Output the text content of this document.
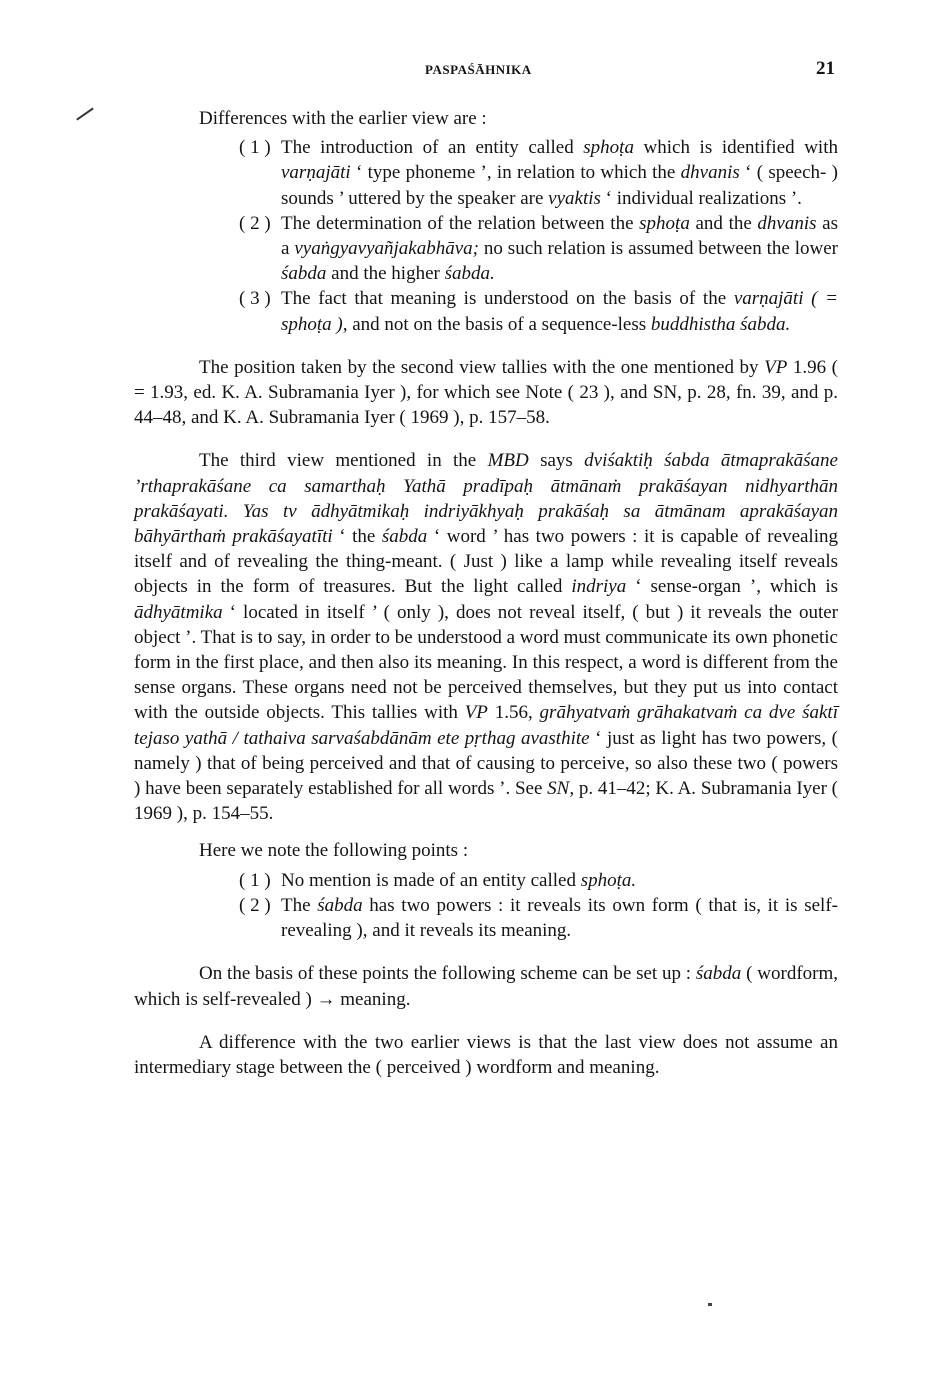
PASPAŚĀHNIKA	21

Differences with the earlier view are :

( 1 ) The introduction of an entity called sphoṭa which is identified with varṇajāti ‘ type phoneme ’, in relation to which the dhvanis ‘ ( speech- ) sounds ’ uttered by the speaker are vyaktis ‘ individual realizations ’.

( 2 ) The determination of the relation between the sphoṭa and the dhvanis as a vyaṅgyavyañjakabhāva; no such relation is assumed between the lower śabda and the higher śabda.

( 3 ) The fact that meaning is understood on the basis of the varṇajāti ( = sphoṭa ), and not on the basis of a sequence-less buddhistha śabda.

The position taken by the second view tallies with the one mentioned by VP 1.96 ( = 1.93, ed. K. A. Subramania Iyer ), for which see Note ( 23 ), and SN, p. 28, fn. 39, and p. 44–48, and K. A. Subramania Iyer ( 1969 ), p. 157–58.

The third view mentioned in the MBD says dviśaktiḥ śabda ātmaprakāśane ’rthaprakāśane ca samarthaḥ Yathā pradīpaḥ ātmānaṁ prakāśayan nidhyarthān prakāśayati. Yas tv ādhyātmikaḥ indriyākhyaḥ prakāśaḥ sa ātmānam aprakāśayan bāhyārthaṁ prakāśayatīti ‘ the śabda ‘ word ’ has two powers : it is capable of revealing itself and of revealing the thing-meant. ( Just ) like a lamp while revealing itself reveals objects in the form of treasures. But the light called indriya ‘ sense-organ ’, which is ādhyātmika ‘ located in itself ’ ( only ), does not reveal itself, ( but ) it reveals the outer object ’. That is to say, in order to be understood a word must communicate its own phonetic form in the first place, and then also its meaning. In this respect, a word is different from the sense organs. These organs need not be perceived themselves, but they put us into contact with the outside objects. This tallies with VP 1.56, grāhyatvaṁ grāhakatvaṁ ca dve śaktī tejaso yathā / tathaiva sarvaśabdānām ete pṛthag avasthite ‘ just as light has two powers, ( namely ) that of being perceived and that of causing to perceive, so also these two ( powers ) have been separately established for all words ’. See SN, p. 41–42; K. A. Subramania Iyer ( 1969 ), p. 154–55.

Here we note the following points :

( 1 ) No mention is made of an entity called sphoṭa.

( 2 ) The śabda has two powers : it reveals its own form ( that is, it is self-revealing ), and it reveals its meaning.

On the basis of these points the following scheme can be set up : śabda ( wordform, which is self-revealed ) → meaning.

A difference with the two earlier views is that the last view does not assume an intermediary stage between the ( perceived ) wordform and meaning.
